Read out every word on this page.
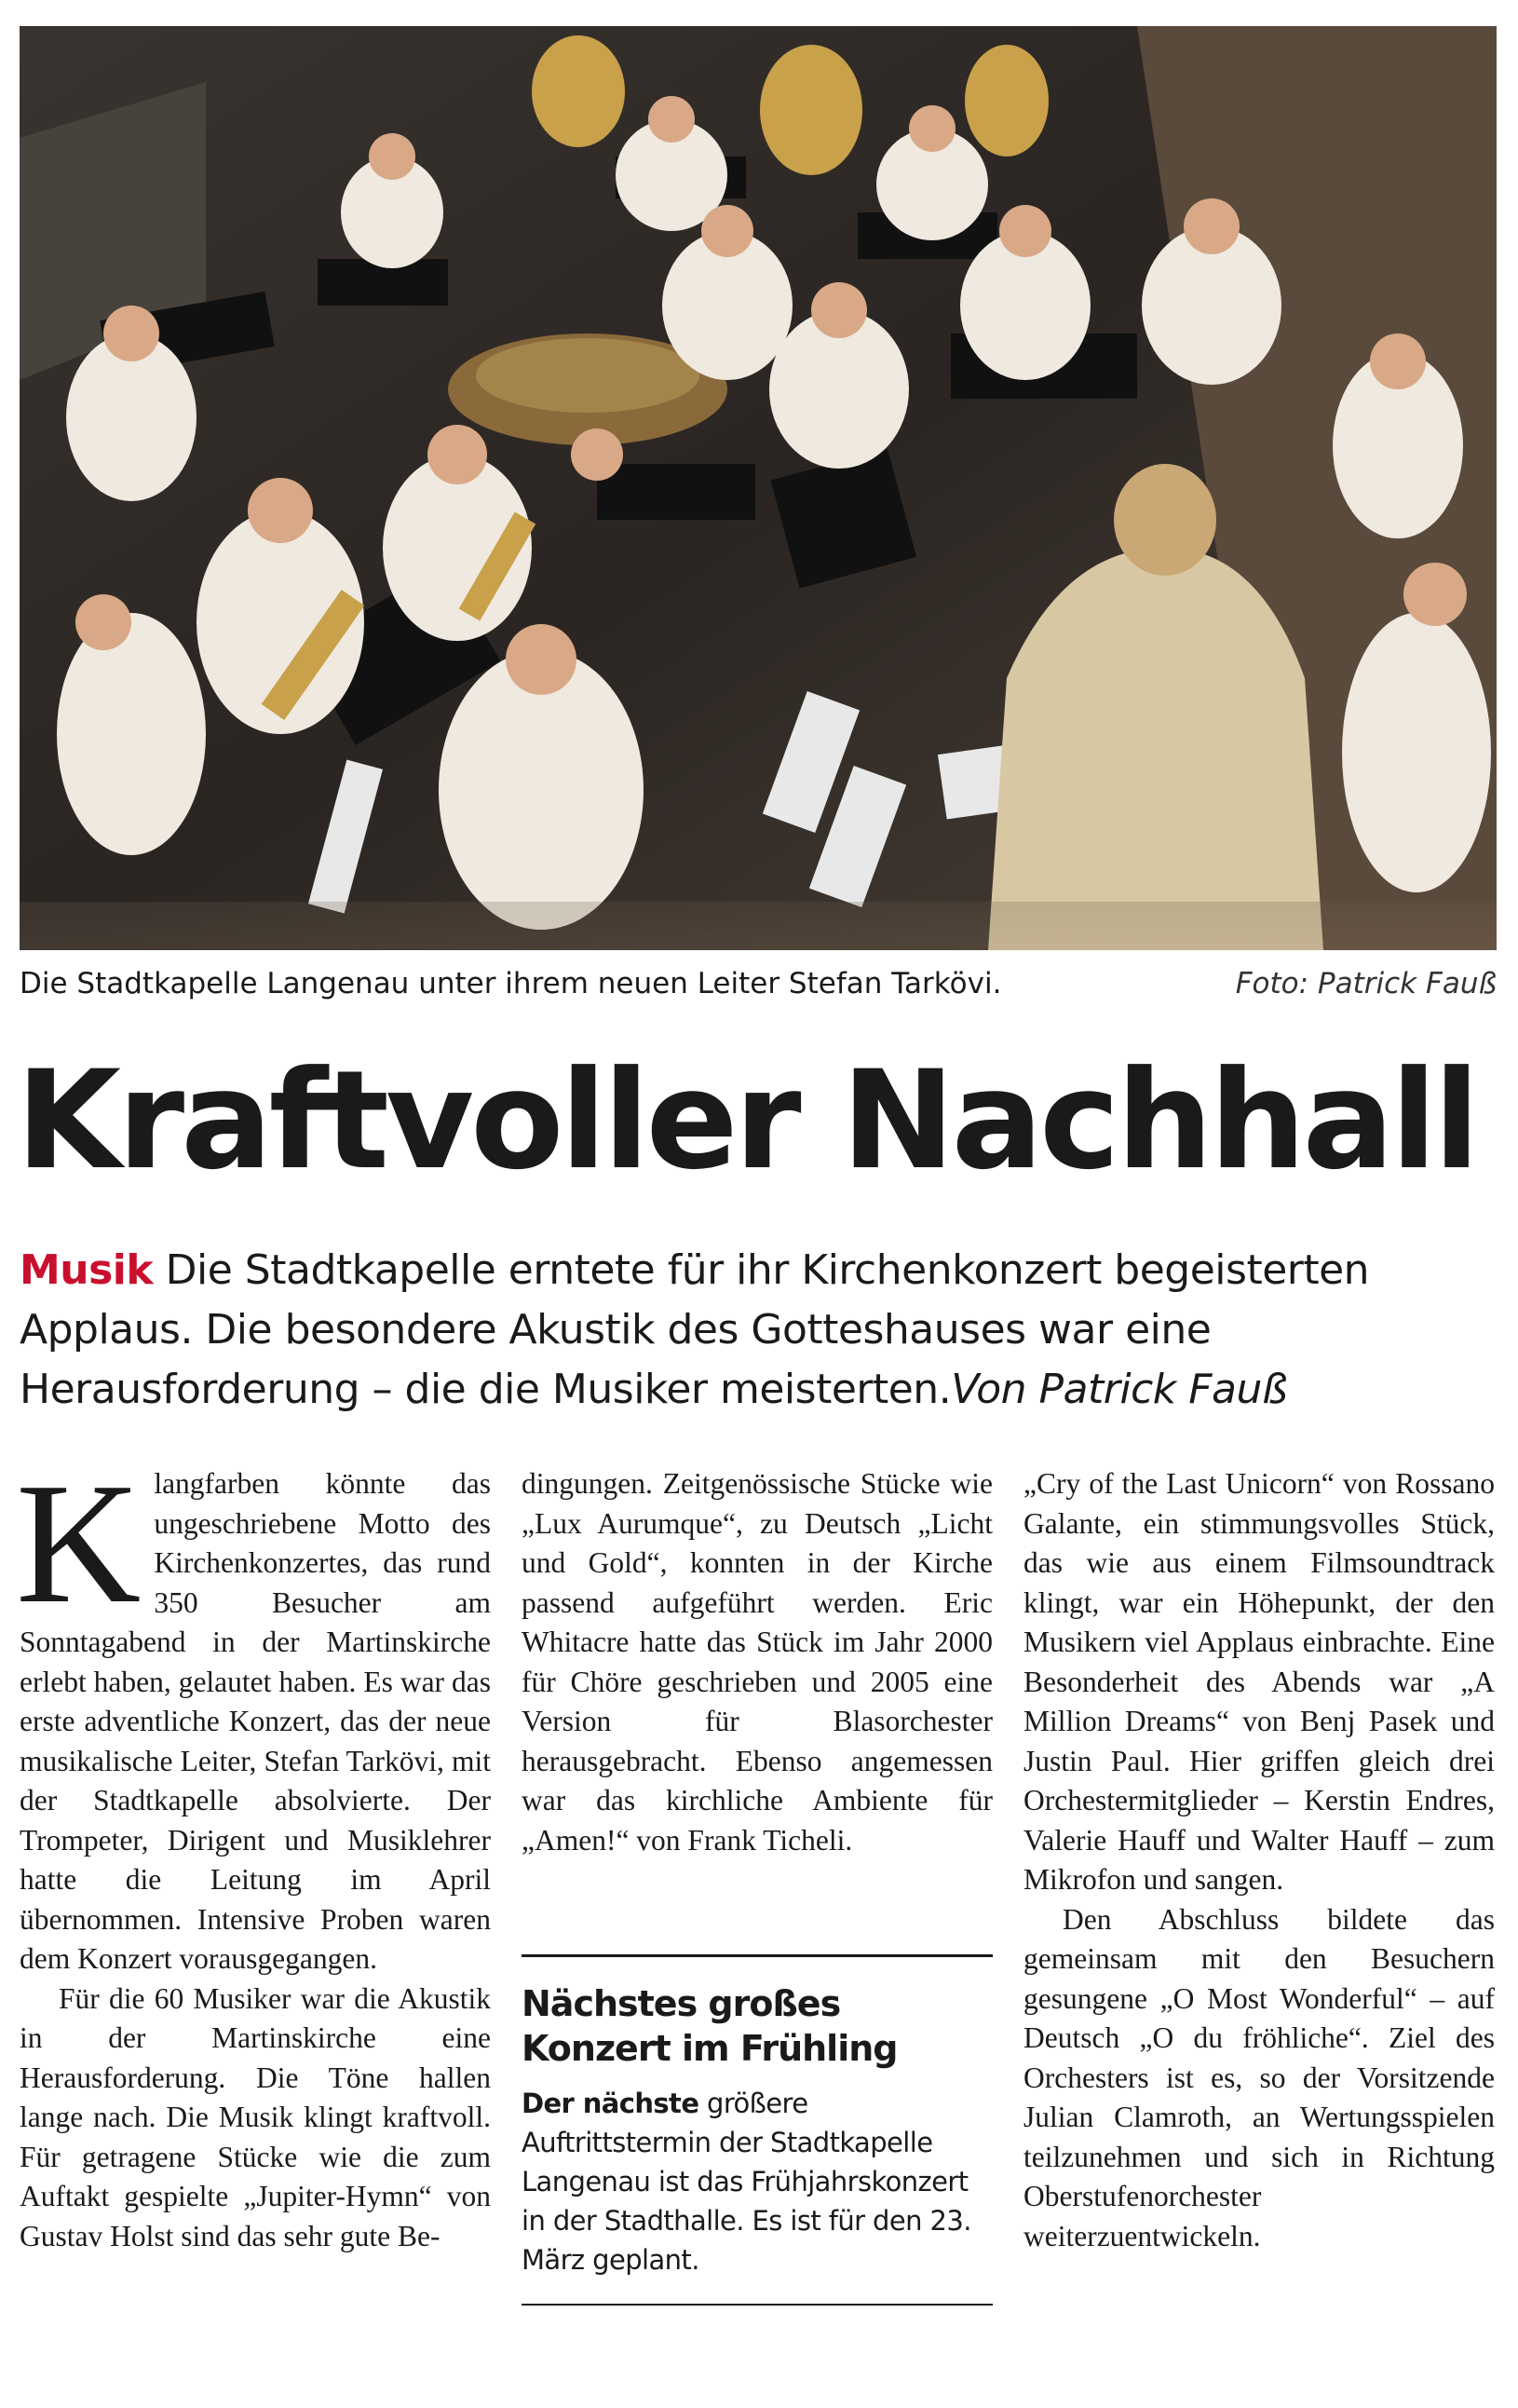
Die Stadtkapelle Langenau unter ihrem neuen Leiter Stefan Tarkövi.	Foto: Patrick Fauß
Kraftvoller Nachhall
Musik Die Stadtkapelle erntete für ihr Kirchenkonzert begeisterten Applaus. Die besondere Akustik des Gotteshauses war eine Herausforderung – die die Musiker meisterten.Von Patrick Fauß

Klangfarben könnte das ungeschriebene Motto des Kirchenkonzertes, das rund 350 Besucher am Sonntagabend in der Martinskirche erlebt haben, gelautet haben. Es war das erste adventliche Konzert, das der neue musikalische Leiter, Stefan Tarkövi, mit der Stadtkapelle absolvierte. Der Trompeter, Dirigent und Musiklehrer hatte die Leitung im April übernommen. Intensive Proben waren dem Konzert vorausgegangen.

Für die 60 Musiker war die Akustik in der Martinskirche eine Herausforderung. Die Töne hallen lange nach. Die Musik klingt kraftvoll. Für getragene Stücke wie die zum Auftakt gespielte „Jupiter-Hymn“ von Gustav Holst sind das sehr gute Be-

dingungen. Zeitgenössische Stücke wie „Lux Aurumque“, zu Deutsch „Licht und Gold“, konnten in der Kirche passend aufgeführt werden. Eric Whitacre hatte das Stück im Jahr 2000 für Chöre geschrieben und 2005 eine Version für Blasorchester herausgebracht. Ebenso angemessen war das kirchliche Ambiente für „Amen!“ von Frank Ticheli.

Nächstes großes Konzert im Frühling

Der nächste größere Auftrittstermin der Stadtkapelle Langenau ist das Frühjahrskonzert in der Stadthalle. Es ist für den 23. März geplant.

„Cry of the Last Unicorn“ von Rossano Galante, ein stimmungsvolles Stück, das wie aus einem Filmsoundtrack klingt, war ein Höhepunkt, der den Musikern viel Applaus einbrachte. Eine Besonderheit des Abends war „A Million Dreams“ von Benj Pasek und Justin Paul. Hier griffen gleich drei Orchestermitglieder – Kerstin Endres, Valerie Hauff und Walter Hauff – zum Mikrofon und sangen.

Den Abschluss bildete das gemeinsam mit den Besuchern gesungene „O Most Wonderful“ – auf Deutsch „O du fröhliche“. Ziel des Orchesters ist es, so der Vorsitzende Julian Clamroth, an Wertungsspielen teilzunehmen und sich in Richtung Oberstufenorchester weiterzuentwickeln.
